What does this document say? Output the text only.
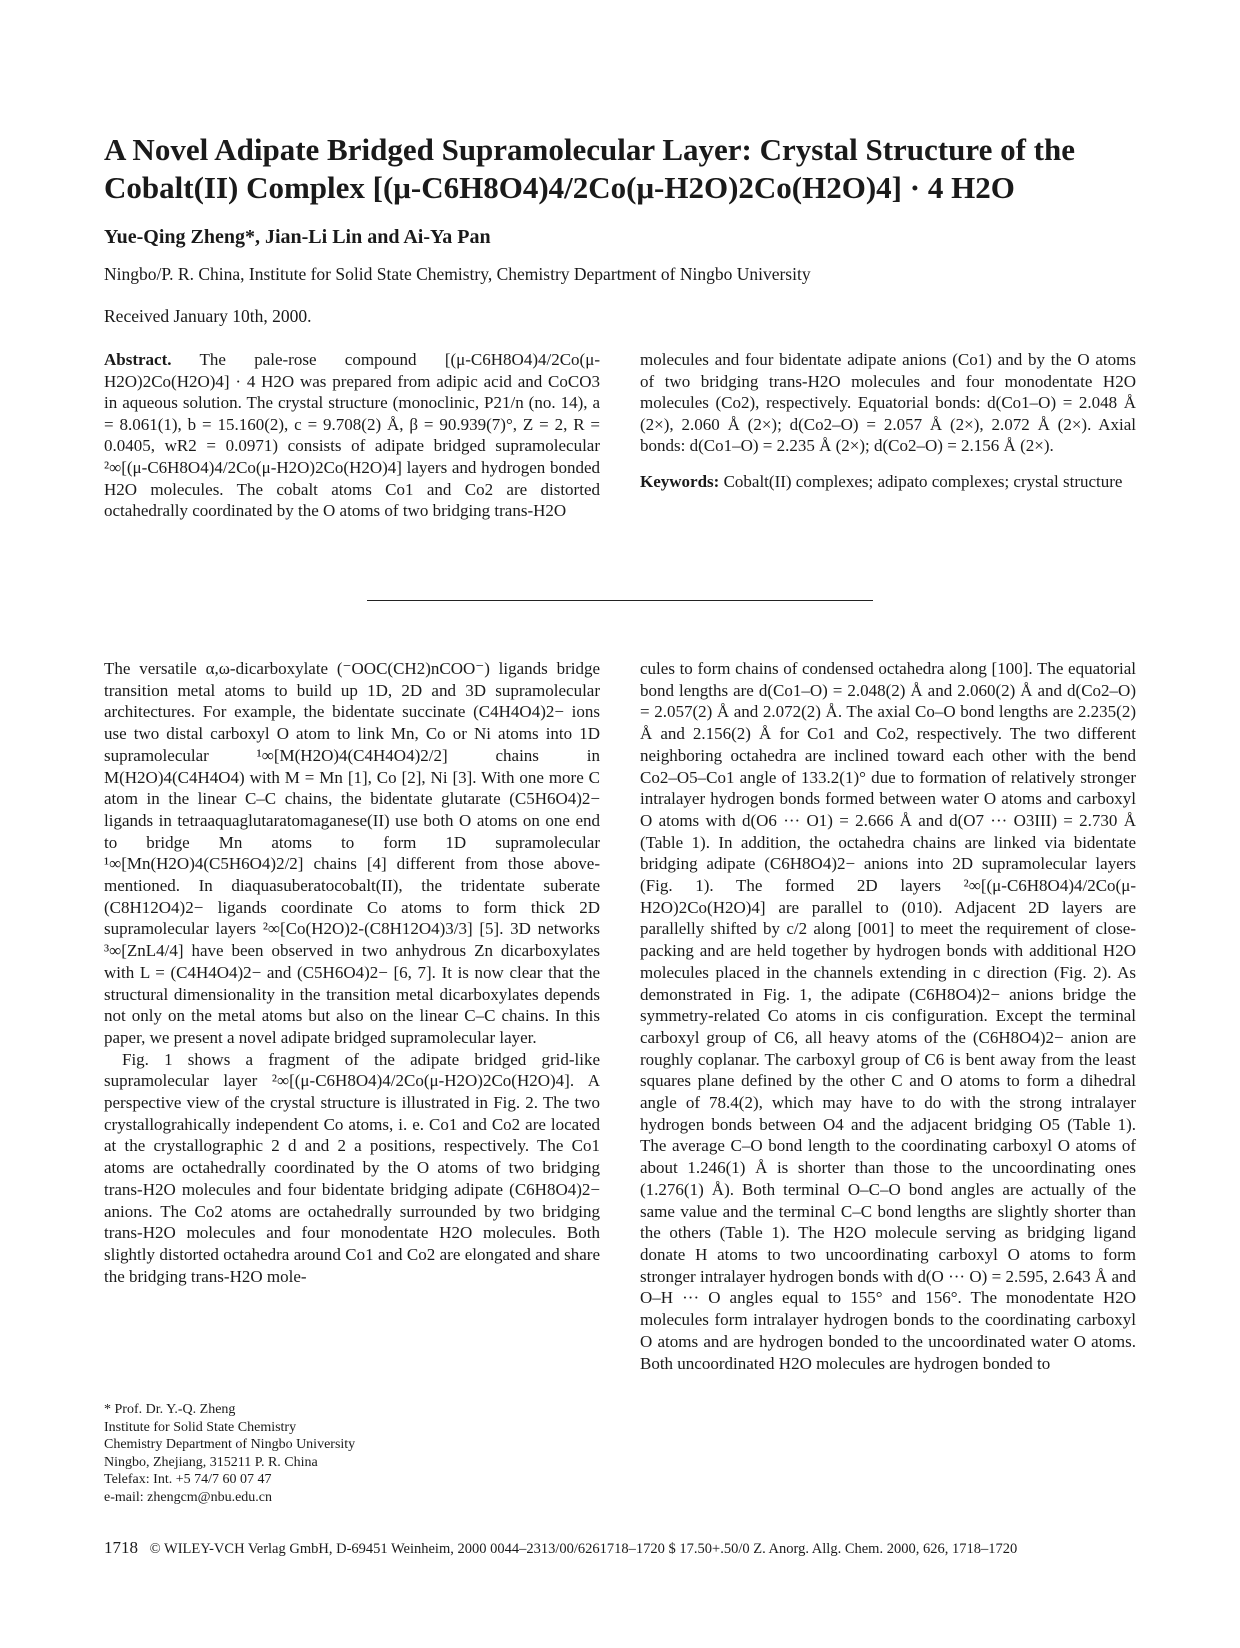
A Novel Adipate Bridged Supramolecular Layer: Crystal Structure of the Cobalt(II) Complex [(μ-C6H8O4)4/2Co(μ-H2O)2Co(H2O)4] · 4 H2O
Yue-Qing Zheng*, Jian-Li Lin and Ai-Ya Pan
Ningbo/P. R. China, Institute for Solid State Chemistry, Chemistry Department of Ningbo University
Received January 10th, 2000.
Abstract. The pale-rose compound [(μ-C6H8O4)4/2Co(μ-H2O)2Co(H2O)4] · 4 H2O was prepared from adipic acid and CoCO3 in aqueous solution. The crystal structure (monoclinic, P21/n (no. 14), a = 8.061(1), b = 15.160(2), c = 9.708(2) Å, β = 90.939(7)°, Z = 2, R = 0.0405, wR2 = 0.0971) consists of adipate bridged supramolecular ²∞[(μ-C6H8O4)4/2Co(μ-H2O)2Co(H2O)4] layers and hydrogen bonded H2O molecules. The cobalt atoms Co1 and Co2 are distorted octahedrally coordinated by the O atoms of two bridging trans-H2O
molecules and four bidentate adipate anions (Co1) and by the O atoms of two bridging trans-H2O molecules and four monodentate H2O molecules (Co2), respectively. Equatorial bonds: d(Co1–O) = 2.048 Å (2×), 2.060 Å (2×); d(Co2–O) = 2.057 Å (2×), 2.072 Å (2×). Axial bonds: d(Co1–O) = 2.235 Å (2×); d(Co2–O) = 2.156 Å (2×).
Keywords: Cobalt(II) complexes; adipato complexes; crystal structure

The versatile α,ω-dicarboxylate (⁻OOC(CH2)nCOO⁻) ligands bridge transition metal atoms to build up 1D, 2D and 3D supramolecular architectures. For example, the bidentate succinate (C4H4O4)2− ions use two distal carboxyl O atom to link Mn, Co or Ni atoms into 1D supramolecular ¹∞[M(H2O)4(C4H4O4)2/2] chains in M(H2O)4(C4H4O4) with M = Mn [1], Co [2], Ni [3]. With one more C atom in the linear C–C chains, the bidentate glutarate (C5H6O4)2− ligands in tetraaquaglutaratomaganese(II) use both O atoms on one end to bridge Mn atoms to form 1D supramolecular ¹∞[Mn(H2O)4(C5H6O4)2/2] chains [4] different from those above-mentioned. In diaquasuberatocobalt(II), the tridentate suberate (C8H12O4)2− ligands coordinate Co atoms to form thick 2D supramolecular layers ²∞[Co(H2O)2-(C8H12O4)3/3] [5]. 3D networks ³∞[ZnL4/4] have been observed in two anhydrous Zn dicarboxylates with L = (C4H4O4)2− and (C5H6O4)2− [6, 7]. It is now clear that the structural dimensionality in the transition metal dicarboxylates depends not only on the metal atoms but also on the linear C–C chains. In this paper, we present a novel adipate bridged supramolecular layer.

Fig. 1 shows a fragment of the adipate bridged grid-like supramolecular layer ²∞[(μ-C6H8O4)4/2Co(μ-H2O)2Co(H2O)4]. A perspective view of the crystal structure is illustrated in Fig. 2. The two crystallograhically independent Co atoms, i. e. Co1 and Co2 are located at the crystallographic 2 d and 2 a positions, respectively. The Co1 atoms are octahedrally coordinated by the O atoms of two bridging trans-H2O molecules and four bidentate bridging adipate (C6H8O4)2− anions. The Co2 atoms are octahedrally surrounded by two bridging trans-H2O molecules and four monodentate H2O molecules. Both slightly distorted octahedra around Co1 and Co2 are elongated and share the bridging trans-H2O mole-

cules to form chains of condensed octahedra along [100]. The equatorial bond lengths are d(Co1–O) = 2.048(2) Å and 2.060(2) Å and d(Co2–O) = 2.057(2) Å and 2.072(2) Å. The axial Co–O bond lengths are 2.235(2) Å and 2.156(2) Å for Co1 and Co2, respectively. The two different neighboring octahedra are inclined toward each other with the bend Co2–O5–Co1 angle of 133.2(1)° due to formation of relatively stronger intralayer hydrogen bonds formed between water O atoms and carboxyl O atoms with d(O6 ··· O1) = 2.666 Å and d(O7 ··· O3III) = 2.730 Å (Table 1). In addition, the octahedra chains are linked via bidentate bridging adipate (C6H8O4)2− anions into 2D supramolecular layers (Fig. 1). The formed 2D layers ²∞[(μ-C6H8O4)4/2Co(μ-H2O)2Co(H2O)4] are parallel to (010). Adjacent 2D layers are parallelly shifted by c/2 along [001] to meet the requirement of close-packing and are held together by hydrogen bonds with additional H2O molecules placed in the channels extending in c direction (Fig. 2). As demonstrated in Fig. 1, the adipate (C6H8O4)2− anions bridge the symmetry-related Co atoms in cis configuration. Except the terminal carboxyl group of C6, all heavy atoms of the (C6H8O4)2− anion are roughly coplanar. The carboxyl group of C6 is bent away from the least squares plane defined by the other C and O atoms to form a dihedral angle of 78.4(2), which may have to do with the strong intralayer hydrogen bonds between O4 and the adjacent bridging O5 (Table 1). The average C–O bond length to the coordinating carboxyl O atoms of about 1.246(1) Å is shorter than those to the uncoordinating ones (1.276(1) Å). Both terminal O–C–O bond angles are actually of the same value and the terminal C–C bond lengths are slightly shorter than the others (Table 1). The H2O molecule serving as bridging ligand donate H atoms to two uncoordinating carboxyl O atoms to form stronger intralayer hydrogen bonds with d(O ··· O) = 2.595, 2.643 Å and O–H ··· O angles equal to 155° and 156°. The monodentate H2O molecules form intralayer hydrogen bonds to the coordinating carboxyl O atoms and are hydrogen bonded to the uncoordinated water O atoms. Both uncoordinated H2O molecules are hydrogen bonded to

* Prof. Dr. Y.-Q. Zheng
Institute for Solid State Chemistry
Chemistry Department of Ningbo University
Ningbo, Zhejiang, 315211 P. R. China
Telefax: Int. +5 74/7 60 07 47
e-mail: zhengcm@nbu.edu.cn
1718 © WILEY-VCH Verlag GmbH, D-69451 Weinheim, 2000 0044–2313/00/6261718–1720 $ 17.50+.50/0 Z. Anorg. Allg. Chem. 2000, 626, 1718–1720
